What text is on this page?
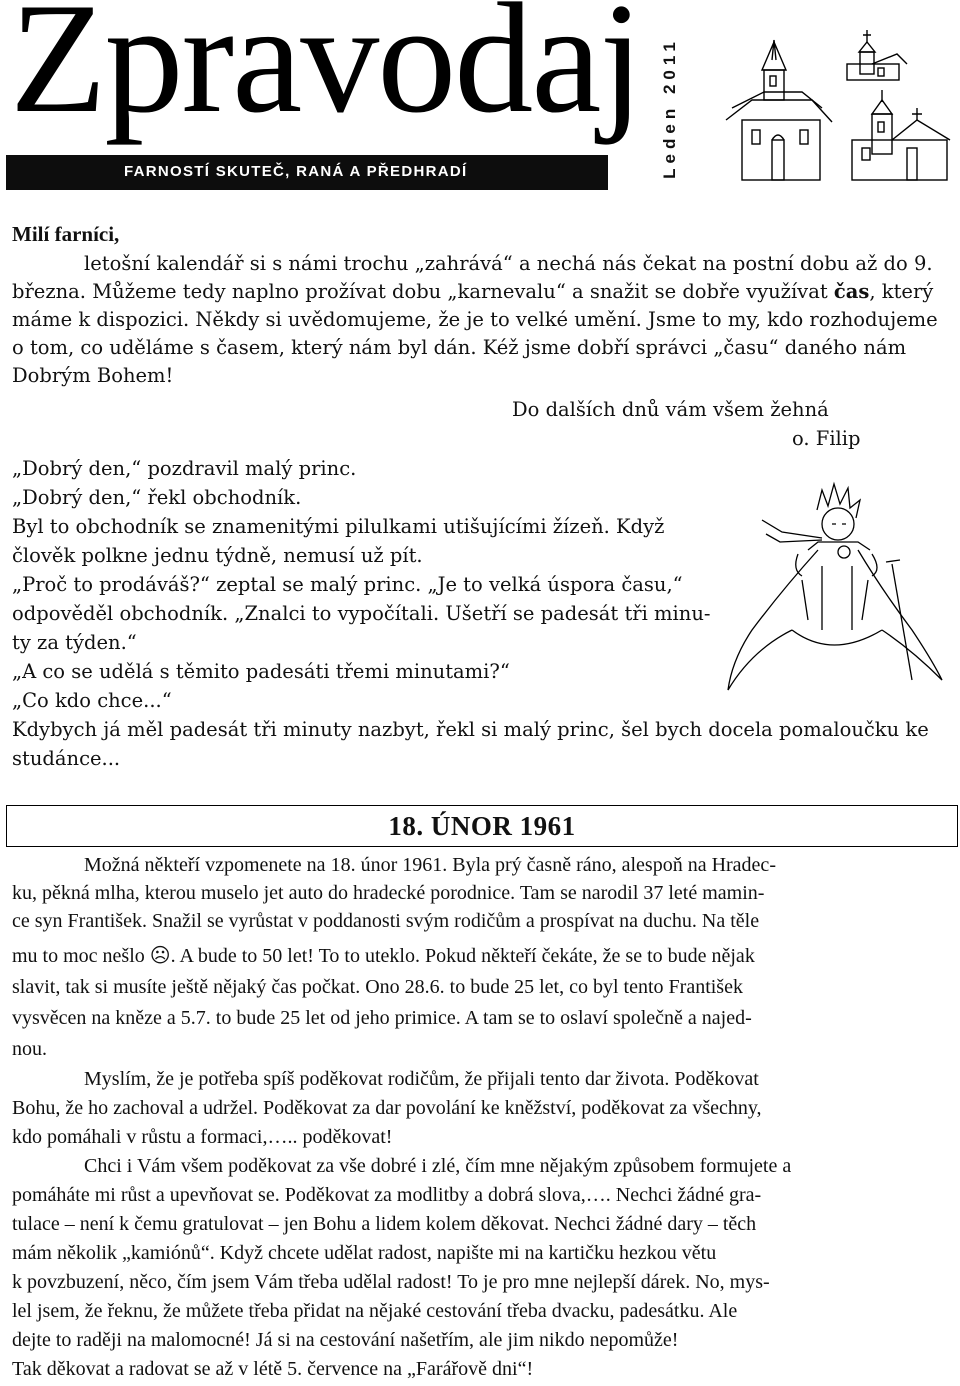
Zpravodaj
FARNOSTÍ SKUTEČ, RANÁ A PŘEDHRADÍ	Leden 2011
Milí farníci,

letošní kalendář si s námi trochu „zahrává“ a nechá nás čekat na postní dobu až do 9.

března. Můžeme tedy naplno prožívat dobu „karnevalu“ a snažit se dobře využívat čas, který

máme k dispozici. Někdy si uvědomujeme, že je to velké umění. Jsme to my, kdo rozhodujeme

o tom, co uděláme s časem, který nám byl dán. Kéž jsme dobří správci „času“ daného nám

Dobrým Bohem!

Do dalších dnů vám všem žehná

o. Filip

„Dobrý den,“ pozdravil malý princ.

„Dobrý den,“ řekl obchodník.

Byl to obchodník se znamenitými pilulkami utišujícími žízeň. Když

člověk polkne jednu týdně, nemusí už pít.

„Proč to prodáváš?“ zeptal se malý princ. „Je to velká úspora času,“

odpověděl obchodník. „Znalci to vypočítali. Ušetří se padesát tři minu-

ty za týden.“

„A co se udělá s těmito padesáti třemi minutami?“

„Co kdo chce...“

Kdybych já měl padesát tři minuty nazbyt, řekl si malý princ, šel bych docela pomaloučku ke

studánce...

18. ÚNOR 1961

Možná někteří vzpomenete na 18. únor 1961. Byla prý časně ráno, alespoň na Hradec-

ku, pěkná mlha, kterou muselo jet auto do hradecké porodnice. Tam se narodil 37 leté mamin-

ce syn František. Snažil se vyrůstat v poddanosti svým rodičům a prospívat na duchu. Na těle

mu to moc nešlo ☹. A bude to 50 let! To to uteklo. Pokud někteří čekáte, že se to bude nějak

slavit, tak si musíte ještě nějaký čas počkat. Ono 28.6. to bude 25 let, co byl tento František

vysvěcen na kněze a 5.7. to bude 25 let od jeho primice. A tam se to oslaví společně a najed-

nou.

Myslím, že je potřeba spíš poděkovat rodičům, že přijali tento dar života. Poděkovat

Bohu, že ho zachoval a udržel. Poděkovat za dar povolání ke kněžství, poděkovat za všechny,

kdo pomáhali v růstu a formaci,….. poděkovat!

Chci i Vám všem poděkovat za vše dobré i zlé, čím mne nějakým způsobem formujete a

pomáháte mi růst a upevňovat se. Poděkovat za modlitby a dobrá slova,…. Nechci žádné gra-

tulace – není k čemu gratulovat – jen Bohu a lidem kolem děkovat. Nechci žádné dary – těch

mám několik „kamiónů“. Když chcete udělat radost, napište mi na kartičku hezkou větu

k povzbuzení, něco, čím jsem Vám třeba udělal radost! To je pro mne nejlepší dárek. No, mys-

lel jsem, že řeknu, že můžete třeba přidat na nějaké cestování třeba dvacku, padesátku. Ale

dejte to raději na malomocné! Já si na cestování našetřím, ale jim nikdo nepomůže!

Tak děkovat a radovat se až v létě 5. července na „Farářově dni“!
